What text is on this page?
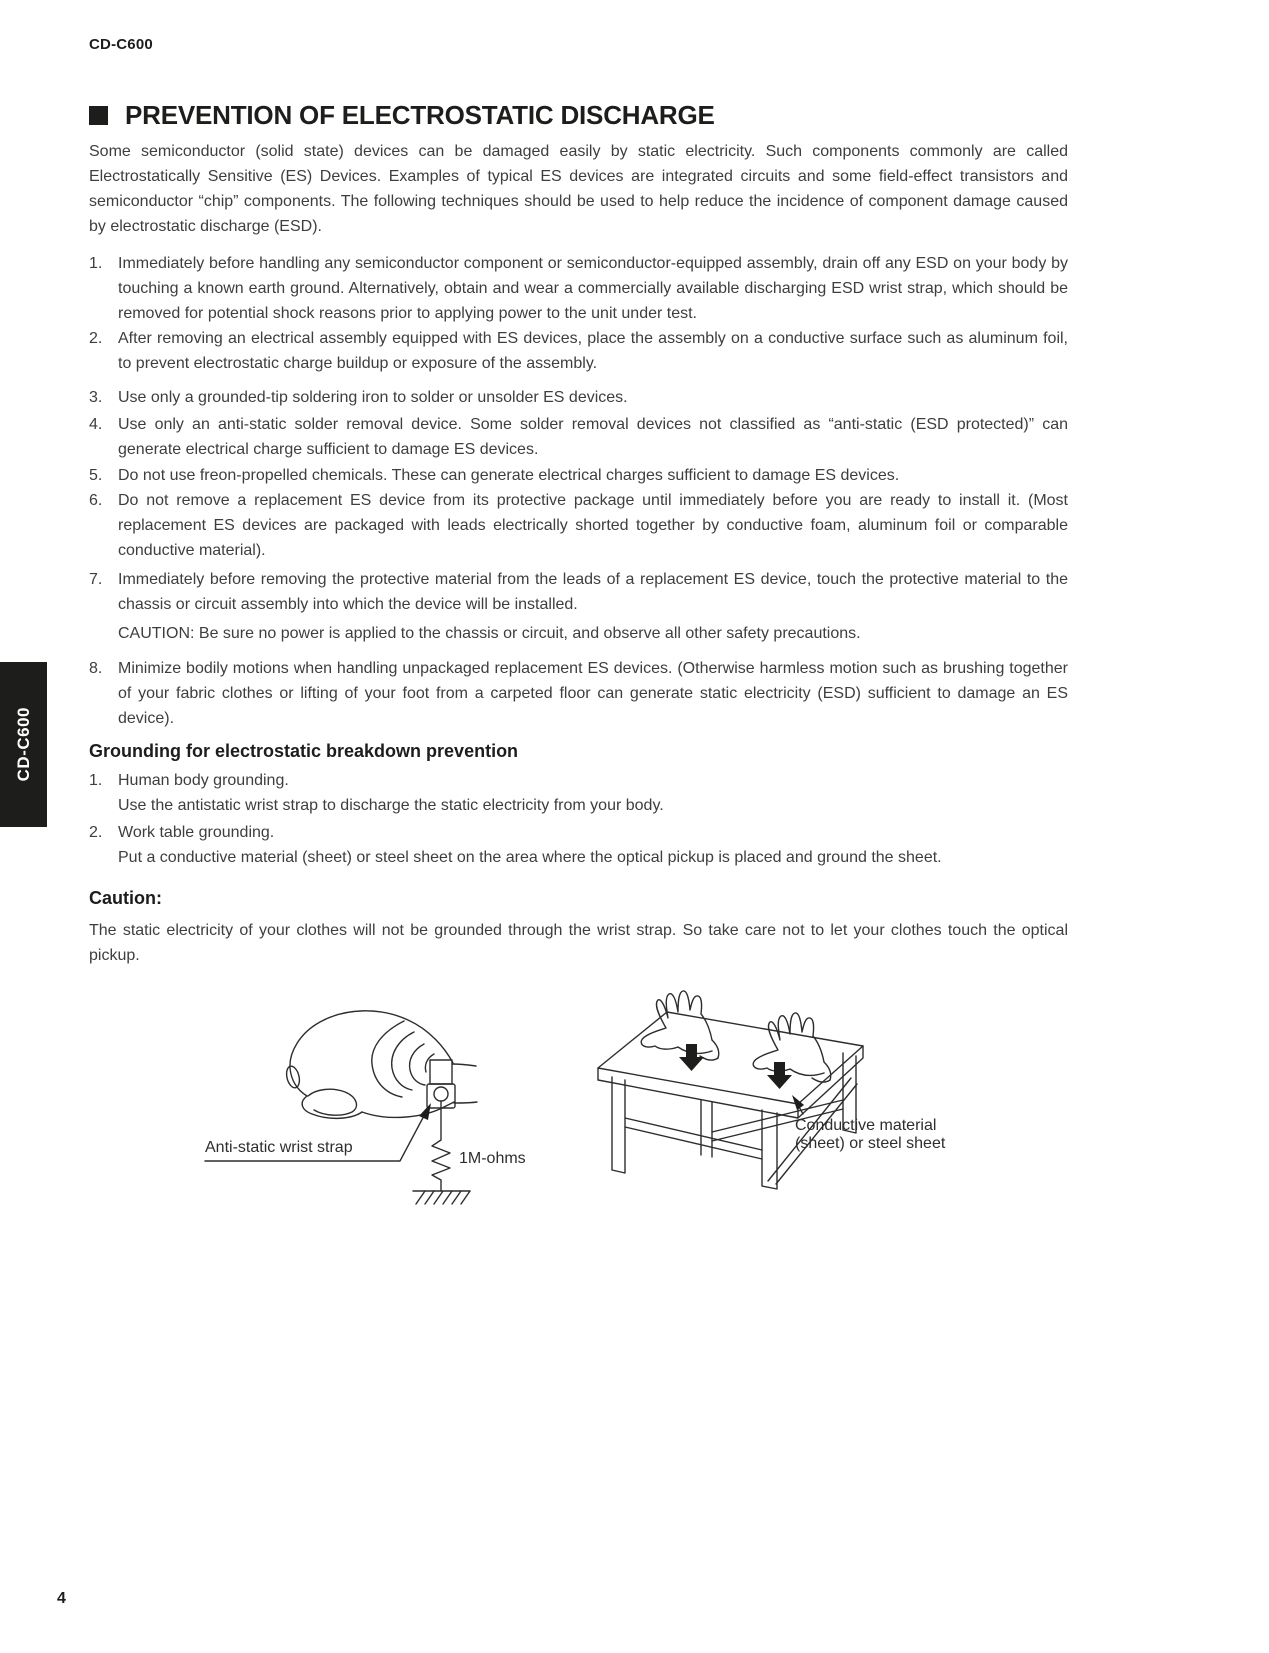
CD-C600
PREVENTION OF ELECTROSTATIC DISCHARGE

Some semiconductor (solid state) devices can be damaged easily by static electricity. Such components commonly are called Electrostatically Sensitive (ES) Devices. Examples of typical ES devices are integrated circuits and some field-effect transistors and semiconductor “chip” components. The following techniques should be used to help reduce the incidence of component damage caused by electrostatic discharge (ESD).

1. Immediately before handling any semiconductor component or semiconductor-equipped assembly, drain off any ESD on your body by touching a known earth ground. Alternatively, obtain and wear a commercially available discharging ESD wrist strap, which should be removed for potential shock reasons prior to applying power to the unit under test.
2. After removing an electrical assembly equipped with ES devices, place the assembly on a conductive surface such as aluminum foil, to prevent electrostatic charge buildup or exposure of the assembly.
3. Use only a grounded-tip soldering iron to solder or unsolder ES devices.
4. Use only an anti-static solder removal device. Some solder removal devices not classified as “anti-static (ESD protected)” can generate electrical charge sufficient to damage ES devices.
5. Do not use freon-propelled chemicals. These can generate electrical charges sufficient to damage ES devices.
6. Do not remove a replacement ES device from its protective package until immediately before you are ready to install it. (Most replacement ES devices are packaged with leads electrically shorted together by conductive foam, aluminum foil or comparable conductive material).
7. Immediately before removing the protective material from the leads of a replacement ES device, touch the protective material to the chassis or circuit assembly into which the device will be installed.
CAUTION: Be sure no power is applied to the chassis or circuit, and observe all other safety precautions.
8. Minimize bodily motions when handling unpackaged replacement ES devices. (Otherwise harmless motion such as brushing together of your fabric clothes or lifting of your foot from a carpeted floor can generate static electricity (ESD) sufficient to damage an ES device).
Grounding for electrostatic breakdown prevention
1. Human body grounding.
Use the antistatic wrist strap to discharge the static electricity from your body.
2. Work table grounding.
Put a conductive material (sheet) or steel sheet on the area where the optical pickup is placed and ground the sheet.
Caution:

The static electricity of your clothes will not be grounded through the wrist strap. So take care not to let your clothes touch the optical pickup.

Anti-static wrist strap
1M-ohms
Conductive material
(sheet) or steel sheet
CD-C600
4
